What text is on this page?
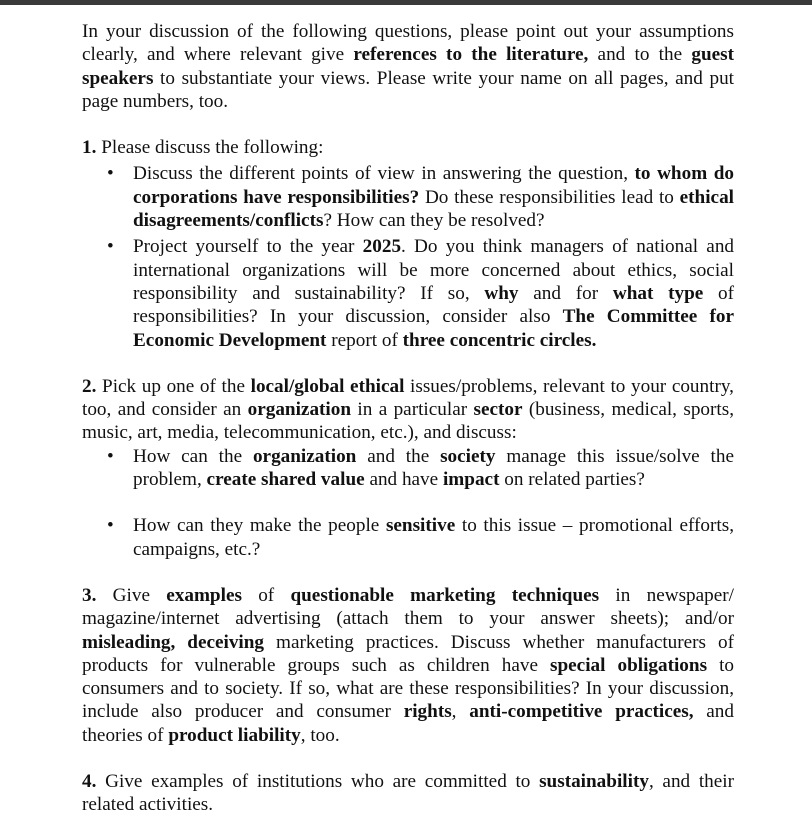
In your discussion of the following questions, please point out your assumptions clearly, and where relevant give references to the literature, and to the guest speakers to substantiate your views. Please write your name on all pages, and put page numbers, too.

1. Please discuss the following:

• Discuss the different points of view in answering the question, to whom do corporations have responsibilities? Do these responsibilities lead to ethical disagreements/conflicts? How can they be resolved?
• Project yourself to the year 2025. Do you think managers of national and international organizations will be more concerned about ethics, social responsibility and sustainability? If so, why and for what type of responsibilities? In your discussion, consider also The Committee for Economic Development report of three concentric circles.

2. Pick up one of the local/global ethical issues/problems, relevant to your country, too, and consider an organization in a particular sector (business, medical, sports, music, art, media, telecommunication, etc.), and discuss:

• How can the organization and the society manage this issue/solve the problem, create shared value and have impact on related parties?
• How can they make the people sensitive to this issue – promotional efforts, campaigns, etc.?

3. Give examples of questionable marketing techniques in newspaper/ magazine/internet advertising (attach them to your answer sheets); and/or misleading, deceiving marketing practices. Discuss whether manufacturers of products for vulnerable groups such as children have special obligations to consumers and to society. If so, what are these responsibilities? In your discussion, include also producer and consumer rights, anti-competitive practices, and theories of product liability, too.

4. Give examples of institutions who are committed to sustainability, and their related activities.
